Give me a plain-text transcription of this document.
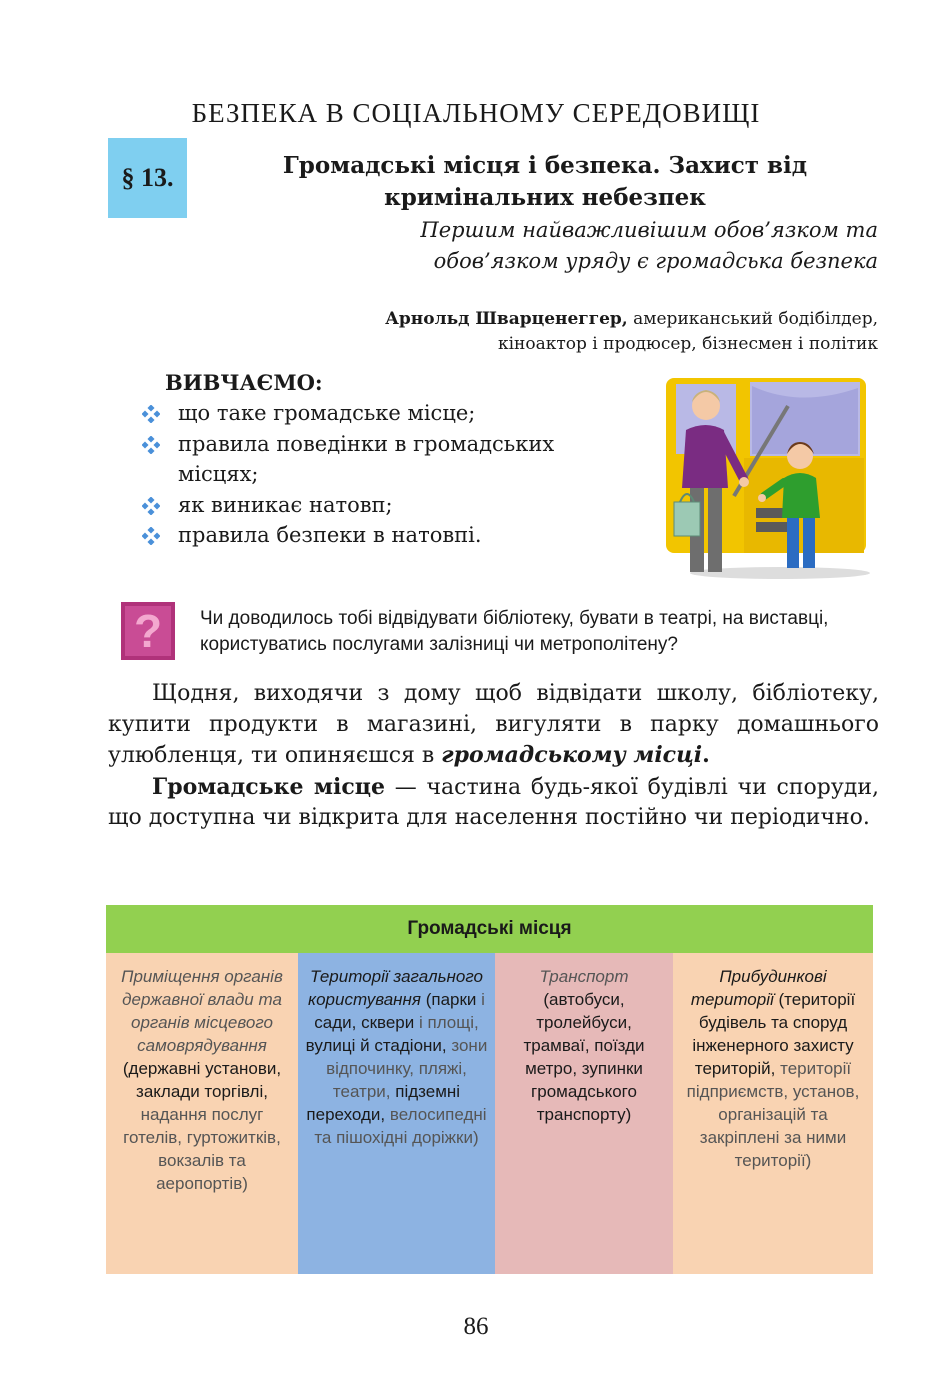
БЕЗПЕКА В СОЦІАЛЬНОМУ СЕРЕДОВИЩІ
§ 13.	Громадські місця і безпека. Захист від кримінальних небезпек
Першим найважливішим обов’язком та обов’язком уряду є громадська безпека
Арнольд Шварценеггер, американський бодібілдер,
кіноактор і продюсер, бізнесмен і політик
ВИВЧАЄМО:
що таке громадське місце;
правила поведінки в громадських місцях;
як виникає натовп;
правила безпеки в натовпі.
? Чи доводилось тобі відвідувати бібліотеку, бувати в театрі, на виставці, користуватись послугами залізниці чи метрополітену?

Щодня, виходячи з дому щоб відвідати школу, бібліотеку, купити продукти в магазині, вигуляти в парку домашнього улюбленця, ти опиняєшся в громадському місці.

Громадське місце — частина будь-якої будівлі чи споруди, що доступна чи відкрита для населення постійно чи періодично.

Громадські місця
Приміщення органів державної влади та органів місцевого самоврядування (державні установи, заклади торгівлі, надання послуг готелів, гуртожитків, вокзалів та аеропортів)
Території загального користування (парки і сади, сквери і площі, вулиці й стадіони, зони відпочинку, пляжі, театри, підземні переходи, велосипедні та пішохідні доріжки)
Транспорт (автобуси, тролейбуси, трамваї, поїзди метро, зупинки громадського транспорту)
Прибудинкові території (території будівель та споруд інженерного захисту територій, території підприємств, установ, організацій та закріплені за ними території)
86
